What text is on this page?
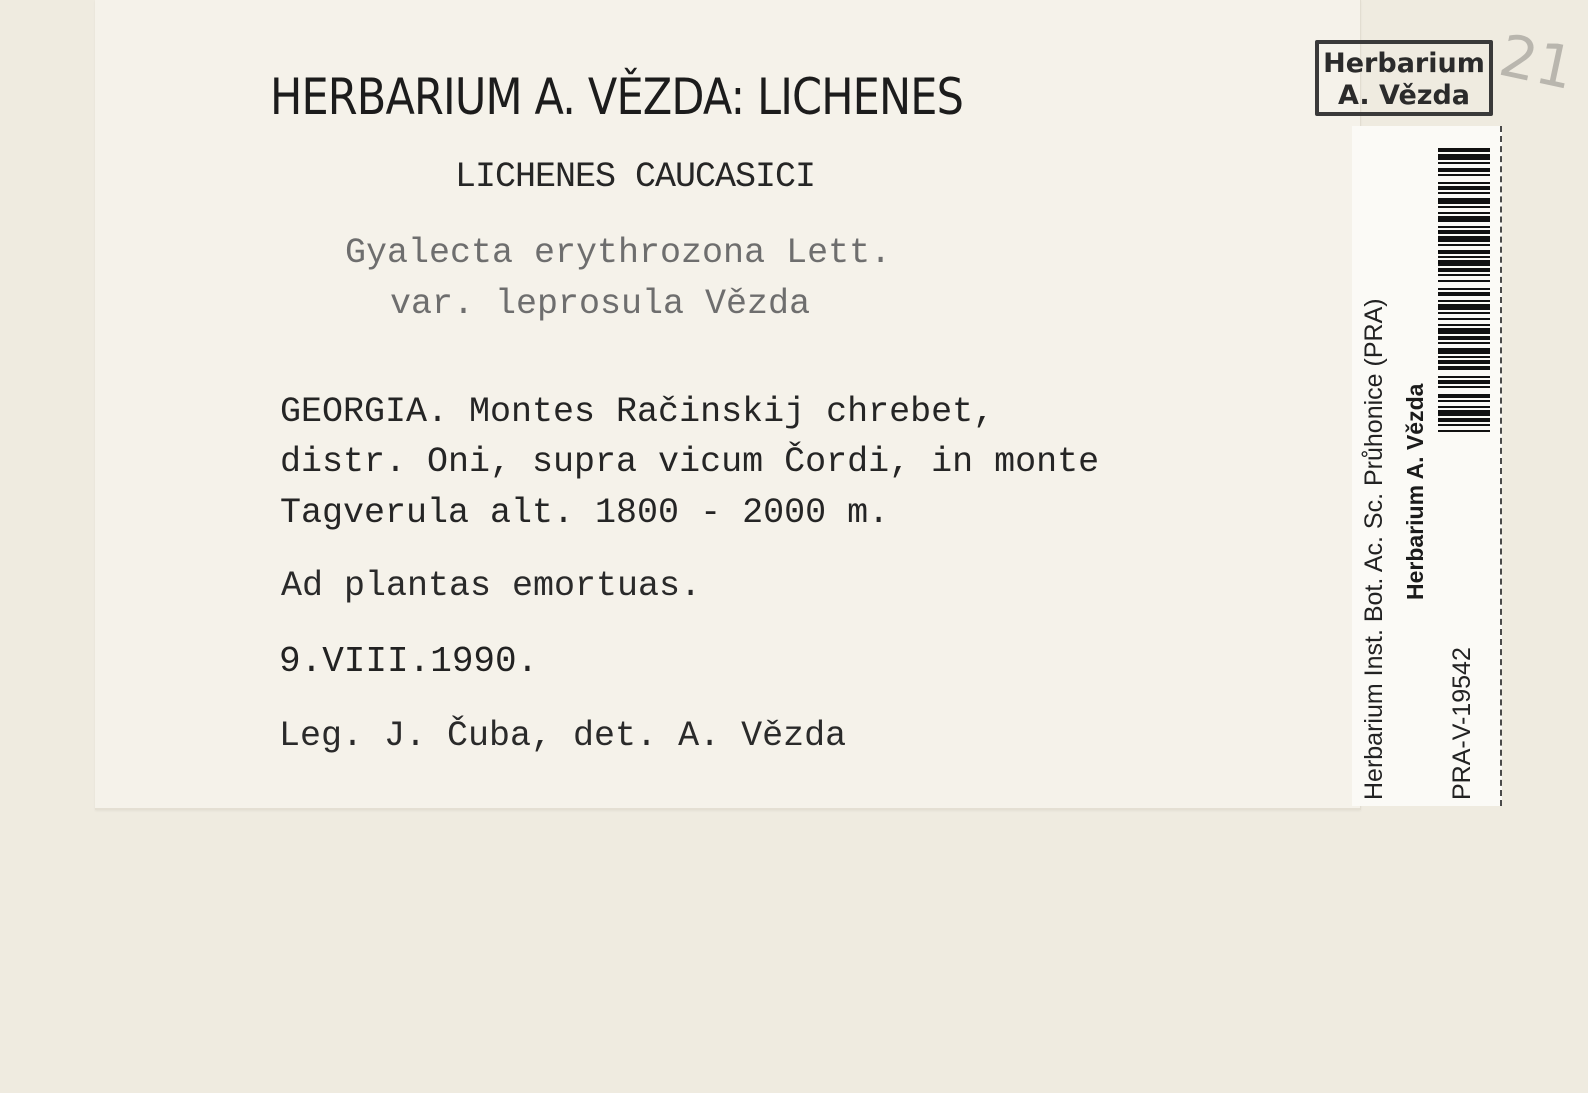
HERBARIUM A. VĚZDA: LICHENES
LICHENES CAUCASICI
Gyalecta erythrozona Lett.
var. leprosula Vězda
GEORGIA. Montes Račinskij chrebet,
distr. Oni, supra vicum Čordi, in monte
Tagverula alt. 1800 - 2000 m.
Ad plantas emortuas.
9.VIII.1990.
Leg. J. Čuba, det. A. Vězda
21
Herbarium
A. Vězda
Herbarium Inst. Bot. Ac. Sc. Průhonice (PRA) Herbarium A. Vězda
PRA-V-19542
